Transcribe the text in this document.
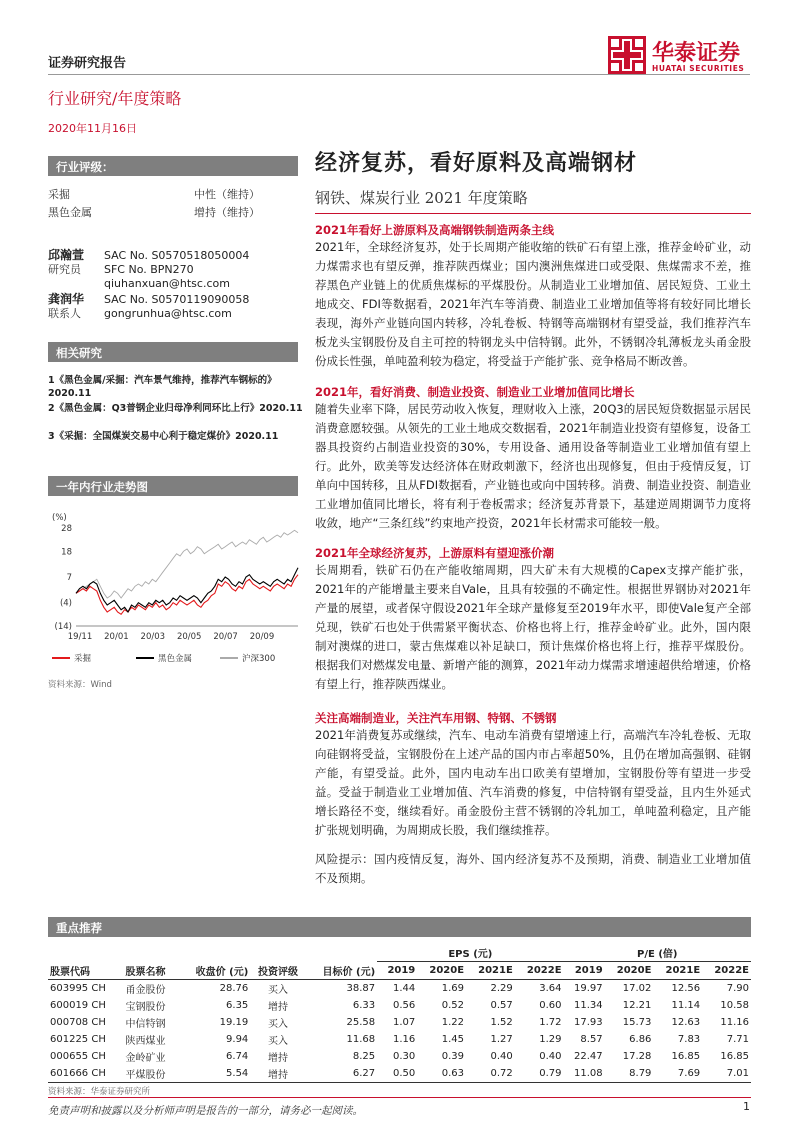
证券研究报告	华泰证券
HUATAI SECURITIES
行业研究/年度策略
2020年11月16日
行业评级：
采掘	中性（维持）
黑色金属	增持（维持）
邱瀚萱 SAC No. S0570518050004
研究员 SFC No. BPN270
qiuhanxuan@htsc.com
龚润华 SAC No. S0570119090058
联系人 gongrunhua@htsc.com
相关研究
1《黑色金属/采掘：汽车景气维持，推荐汽车钢标的》2020.11
2《黑色金属：Q3普钢企业归母净利同环比上行》2020.11
3《采掘：全国煤炭交易中心利于稳定煤价》2020.11
一年内行业走势图
(%)
28
18
7
(4)
(14)
19/11 20/01 20/03 20/05 20/07 20/09
采掘	黑色金属	沪深300
资料来源：Wind
经济复苏，看好原料及高端钢材
钢铁、煤炭行业 2021 年度策略
2021年看好上游原料及高端钢铁制造两条主线
2021年，全球经济复苏，处于长周期产能收缩的铁矿石有望上涨，推荐金岭矿业，动力煤需求也有望反弹，推荐陕西煤业；国内澳洲焦煤进口或受限、焦煤需求不差，推荐黑色产业链上的优质焦煤标的平煤股份。从制造业工业增加值、居民短贷、工业土地成交、FDI等数据看，2021年汽车等消费、制造业工业增加值等将有较好同比增长表现，海外产业链向国内转移，冷轧卷板、特钢等高端钢材有望受益，我们推荐汽车板龙头宝钢股份及自主可控的特钢龙头中信特钢。此外，不锈钢冷轧薄板龙头甬金股份成长性强，单吨盈利较为稳定，将受益于产能扩张、竞争格局不断改善。
2021年，看好消费、制造业投资、制造业工业增加值同比增长
随着失业率下降，居民劳动收入恢复，理财收入上涨，20Q3的居民短贷数据显示居民消费意愿较强。从领先的工业土地成交数据看，2021年制造业投资有望修复，设备工器具投资约占制造业投资的30%，专用设备、通用设备等制造业工业增加值有望上行。此外，欧美等发达经济体在财政刺激下，经济也出现修复，但由于疫情反复，订单向中国转移，且从FDI数据看，产业链也或向中国转移。消费、制造业投资、制造业工业增加值同比增长，将有利于卷板需求；经济复苏背景下，基建逆周期调节力度将收敛，地产“三条红线”约束地产投资，2021年长材需求可能较一般。
2021年全球经济复苏，上游原料有望迎涨价潮
长周期看，铁矿石仍在产能收缩周期，四大矿未有大规模的Capex支撑产能扩张，2021年的产能增量主要来自Vale，且具有较强的不确定性。根据世界钢协对2021年产量的展望，或者保守假设2021年全球产量修复至2019年水平，即使Vale复产全部兑现，铁矿石也处于供需紧平衡状态、价格也将上行，推荐金岭矿业。此外，国内限制对澳煤的进口，蒙古焦煤难以补足缺口，预计焦煤价格也将上行，推荐平煤股份。根据我们对燃煤发电量、新增产能的测算，2021年动力煤需求增速超供给增速，价格有望上行，推荐陕西煤业。
关注高端制造业，关注汽车用钢、特钢、不锈钢
2021年消费复苏或继续，汽车、电动车消费有望增速上行，高端汽车冷轧卷板、无取向硅钢将受益，宝钢股份在上述产品的国内市占率超50%，且仍在增加高强钢、硅钢产能，有望受益。此外，国内电动车出口欧美有望增加，宝钢股份等有望进一步受益。受益于制造业工业增加值、汽车消费的修复，中信特钢有望受益，且内生外延式增长路径不变，继续看好。甬金股份主营不锈钢的冷轧加工，单吨盈利稳定，且产能扩张规划明确，为周期成长股，我们继续推荐。
风险提示：国内疫情反复，海外、国内经济复苏不及预期，消费、制造业工业增加值不及预期。
重点推荐
					EPS (元)				P/E (倍)			
股票代码	股票名称	收盘价 (元)	投资评级	目标价 (元)	2019	2020E	2021E	2022E	2019	2020E	2021E	2022E
603995 CH	甬金股份	28.76	买入	38.87	1.44	1.69	2.29	3.64	19.97	17.02	12.56	7.90
600019 CH	宝钢股份	6.35	增持	6.33	0.56	0.52	0.57	0.60	11.34	12.21	11.14	10.58
000708 CH	中信特钢	19.19	买入	25.58	1.07	1.22	1.52	1.72	17.93	15.73	12.63	11.16
601225 CH	陕西煤业	9.94	买入	11.68	1.16	1.45	1.27	1.29	8.57	6.86	7.83	7.71
000655 CH	金岭矿业	6.74	增持	8.25	0.30	0.39	0.40	0.40	22.47	17.28	16.85	16.85
601666 CH	平煤股份	5.54	增持	6.27	0.50	0.63	0.72	0.79	11.08	8.79	7.69	7.01
资料来源：华泰证券研究所
免责声明和披露以及分析师声明是报告的一部分，请务必一起阅读。	1
